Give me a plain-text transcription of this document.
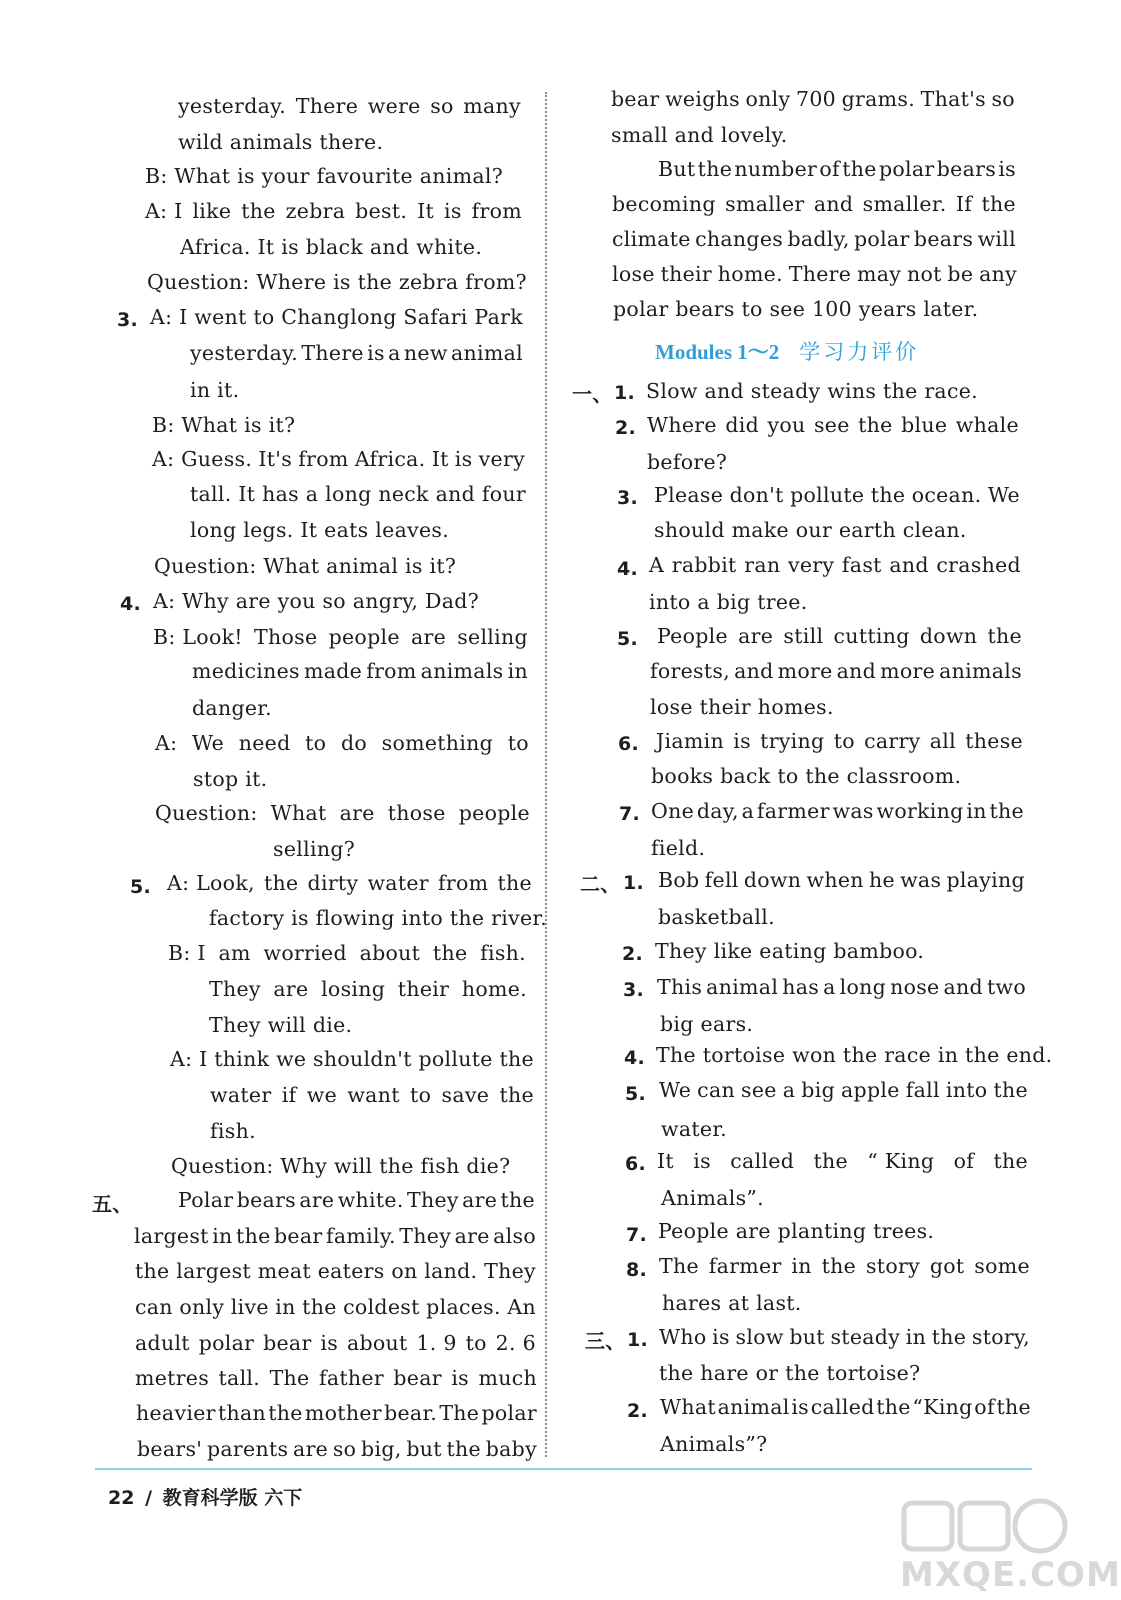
yesterday. There were so many
wild animals there.
B: What is your favourite animal?
A: I like the zebra best. It is from
Africa. It is black and white.
Question: Where is the zebra from?
3. A: I went to Changlong Safari Park
yesterday. There is a new animal
in it.
B: What is it?
A: Guess. It's from Africa. It is very
tall. It has a long neck and four
long legs. It eats leaves.
Question: What animal is it?
4. A: Why are you so angry, Dad?
B: Look! Those people are selling
medicines made from animals in
danger.
A: We need to do something to
stop it.
Question: What are those people
selling?
5. A: Look, the dirty water from the
factory is flowing into the river.
B: I am worried about the fish.
They are losing their home.
They will die.
A: I think we shouldn't pollute the
water if we want to save the
fish.
Question: Why will the fish die?
五、 Polar bears are white. They are the
largest in the bear family. They are also
the largest meat eaters on land. They
can only live in the coldest places. An
adult polar bear is about 1. 9 to 2. 6
metres tall. The father bear is much
heavier than the mother bear. The polar
bears' parents are so big, but the baby
bear weighs only 700 grams. That's so
small and lovely.
But the number of the polar bears is
becoming smaller and smaller. If the
climate changes badly, polar bears will
lose their home. There may not be any
polar bears to see 100 years later.
Modules 1～2 学习力评价
一、 1. Slow and steady wins the race.
2. Where did you see the blue whale
before?
3. Please don't pollute the ocean. We
should make our earth clean.
4. A rabbit ran very fast and crashed
into a big tree.
5. People are still cutting down the
forests, and more and more animals
lose their homes.
6. Jiamin is trying to carry all these
books back to the classroom.
7. One day, a farmer was working in the
field.
二、 1. Bob fell down when he was playing
basketball.
2. They like eating bamboo.
3. This animal has a long nose and two
big ears.
4. The tortoise won the race in the end.
5. We can see a big apple fall into the
water.
6. It is called the “ King of the
Animals”.
7. People are planting trees.
8. The farmer in the story got some
hares at last.
三、 1. Who is slow but steady in the story,
the hare or the tortoise?
2. What animal is called the “King of the
Animals”?
22 / 教育科学版 六下
MXQE.COM
